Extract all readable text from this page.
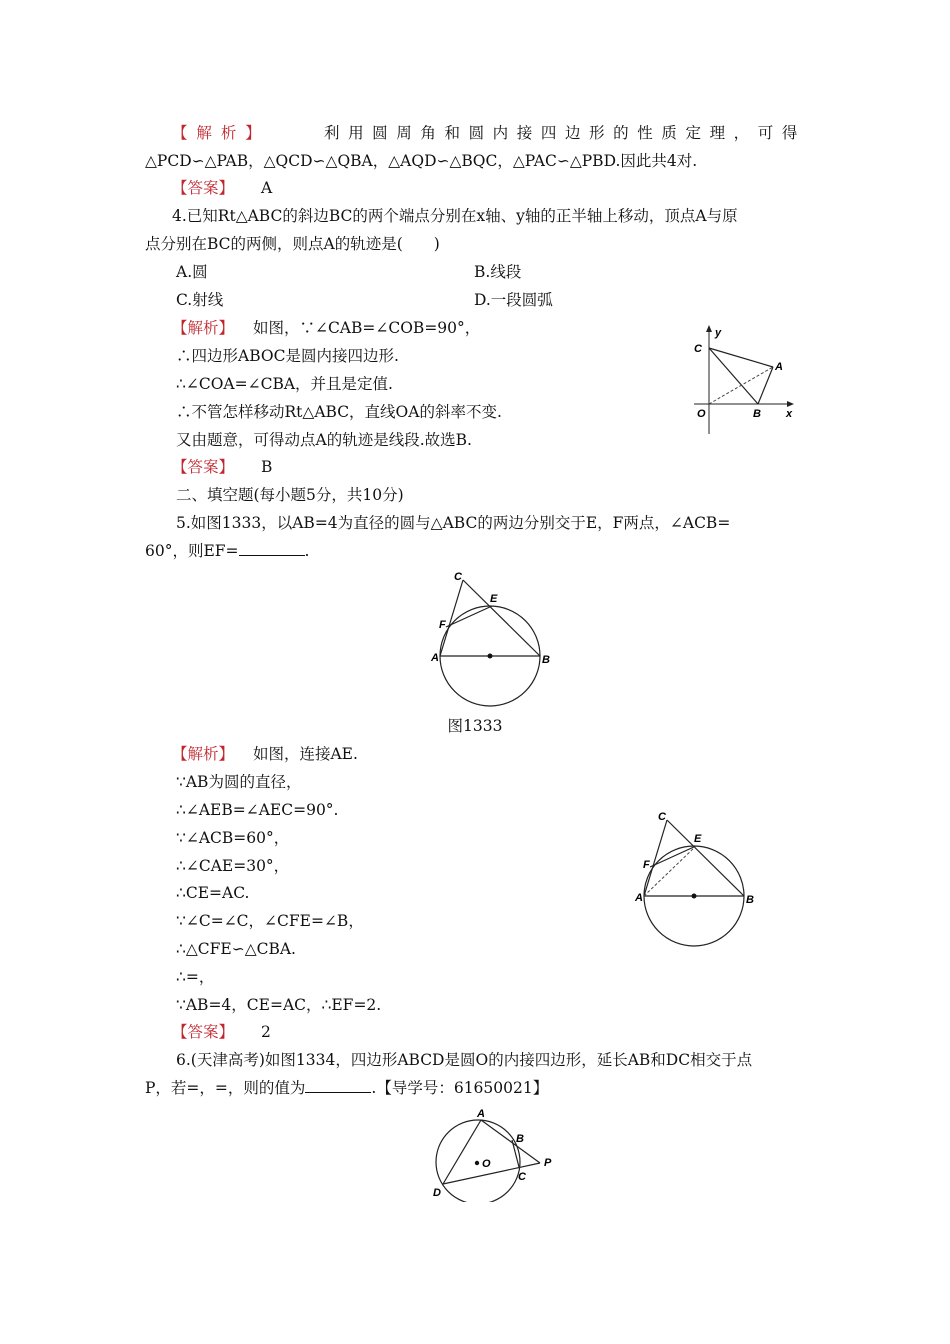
【 解 析 】	利用圆周角和圆内接四边形的性质定理，可得
△PCD∽△PAB，△QCD∽△QBA，△AQD∽△BQC，△PAC∽△PBD.因此共4对.
【答案】 A
4.已知Rt△ABC的斜边BC的两个端点分别在x轴、y轴的正半轴上移动，顶点A与原
点分别在BC的两侧，则点A的轨迹是(　　)
A.圆	B.线段
C.射线	D.一段圆弧
【解析】 如图，∵∠CAB=∠COB=90°，
∴四边形ABOC是圆内接四边形.
∴∠COA=∠CBA，并且是定值.
∴不管怎样移动Rt△ABC，直线OA的斜率不变.
又由题意，可得动点A的轨迹是线段.故选B.
【答案】 B
y
x
C
A
O	B
二、填空题(每小题5分，共10分)
5.如图1333，以AB=4为直径的圆与△ABC的两边分别交于E，F两点，∠ACB=
60°，则EF=	.
C
E
F
A	B
图1333
【解析】 如图，连接AE.
∵AB为圆的直径，
∴∠AEB=∠AEC=90°.
∵∠ACB=60°，
∴∠CAE=30°，
∴CE=AC.
∵∠C=∠C，∠CFE=∠B，
∴△CFE∽△CBA.
∴=，
∵AB=4，CE=AC，∴EF=2.
【答案】 2
C
E
F
A	B
6.(天津高考)如图1334，四边形ABCD是圆O的内接四边形，延长AB和DC相交于点
P，若=，=，则的值为	.【导学号：61650021】
A
B
O	P
C
D
